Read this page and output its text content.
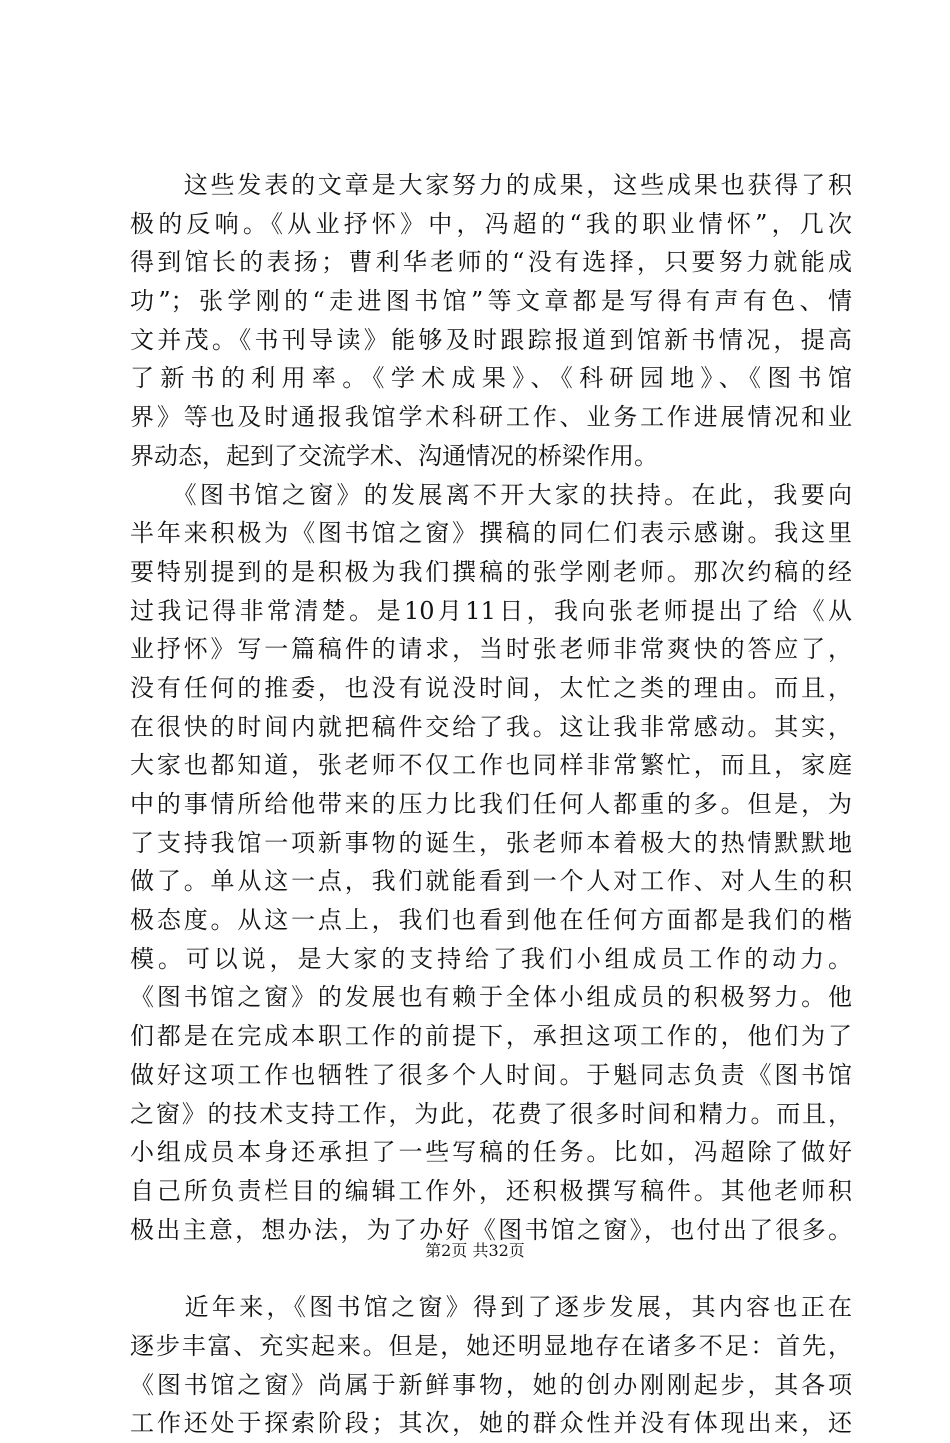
　　这些发表的文章是大家努力的成果，这些成果也获得了积
极的反响。《从业抒怀》中，冯超的“我的职业情怀”，几次
得到馆长的表扬；曹利华老师的“没有选择，只要努力就能成
功”；张学刚的“走进图书馆”等文章都是写得有声有色、情
文并茂。《书刊导读》能够及时跟踪报道到馆新书情况，提高
了新书的利用率。《学术成果》、《科研园地》、《图书馆
界》等也及时通报我馆学术科研工作、业务工作进展情况和业
界动态，起到了交流学术、沟通情况的桥梁作用。
　　《图书馆之窗》的发展离不开大家的扶持。在此，我要向
半年来积极为《图书馆之窗》撰稿的同仁们表示感谢。我这里
要特别提到的是积极为我们撰稿的张学刚老师。那次约稿的经
过我记得非常清楚。是10月11日，我向张老师提出了给《从
业抒怀》写一篇稿件的请求，当时张老师非常爽快的答应了，
没有任何的推委，也没有说没时间，太忙之类的理由。而且，
在很快的时间内就把稿件交给了我。这让我非常感动。其实，
大家也都知道，张老师不仅工作也同样非常繁忙，而且，家庭
中的事情所给他带来的压力比我们任何人都重的多。但是，为
了支持我馆一项新事物的诞生，张老师本着极大的热情默默地
做了。单从这一点，我们就能看到一个人对工作、对人生的积
极态度。从这一点上，我们也看到他在任何方面都是我们的楷
模。可以说，是大家的支持给了我们小组成员工作的动力。
《图书馆之窗》的发展也有赖于全体小组成员的积极努力。他
们都是在完成本职工作的前提下，承担这项工作的，他们为了
做好这项工作也牺牲了很多个人时间。于魁同志负责《图书馆
之窗》的技术支持工作，为此，花费了很多时间和精力。而且，
小组成员本身还承担了一些写稿的任务。比如，冯超除了做好
自己所负责栏目的编辑工作外，还积极撰写稿件。其他老师积
极出主意，想办法，为了办好《图书馆之窗》，也付出了很多。
　　近年来，《图书馆之窗》得到了逐步发展，其内容也正在
逐步丰富、充实起来。但是，她还明显地存在诸多不足：首先，
《图书馆之窗》尚属于新鲜事物，她的创办刚刚起步，其各项
工作还处于探索阶段；其次，她的群众性并没有体现出来，还
第2页 共32页
